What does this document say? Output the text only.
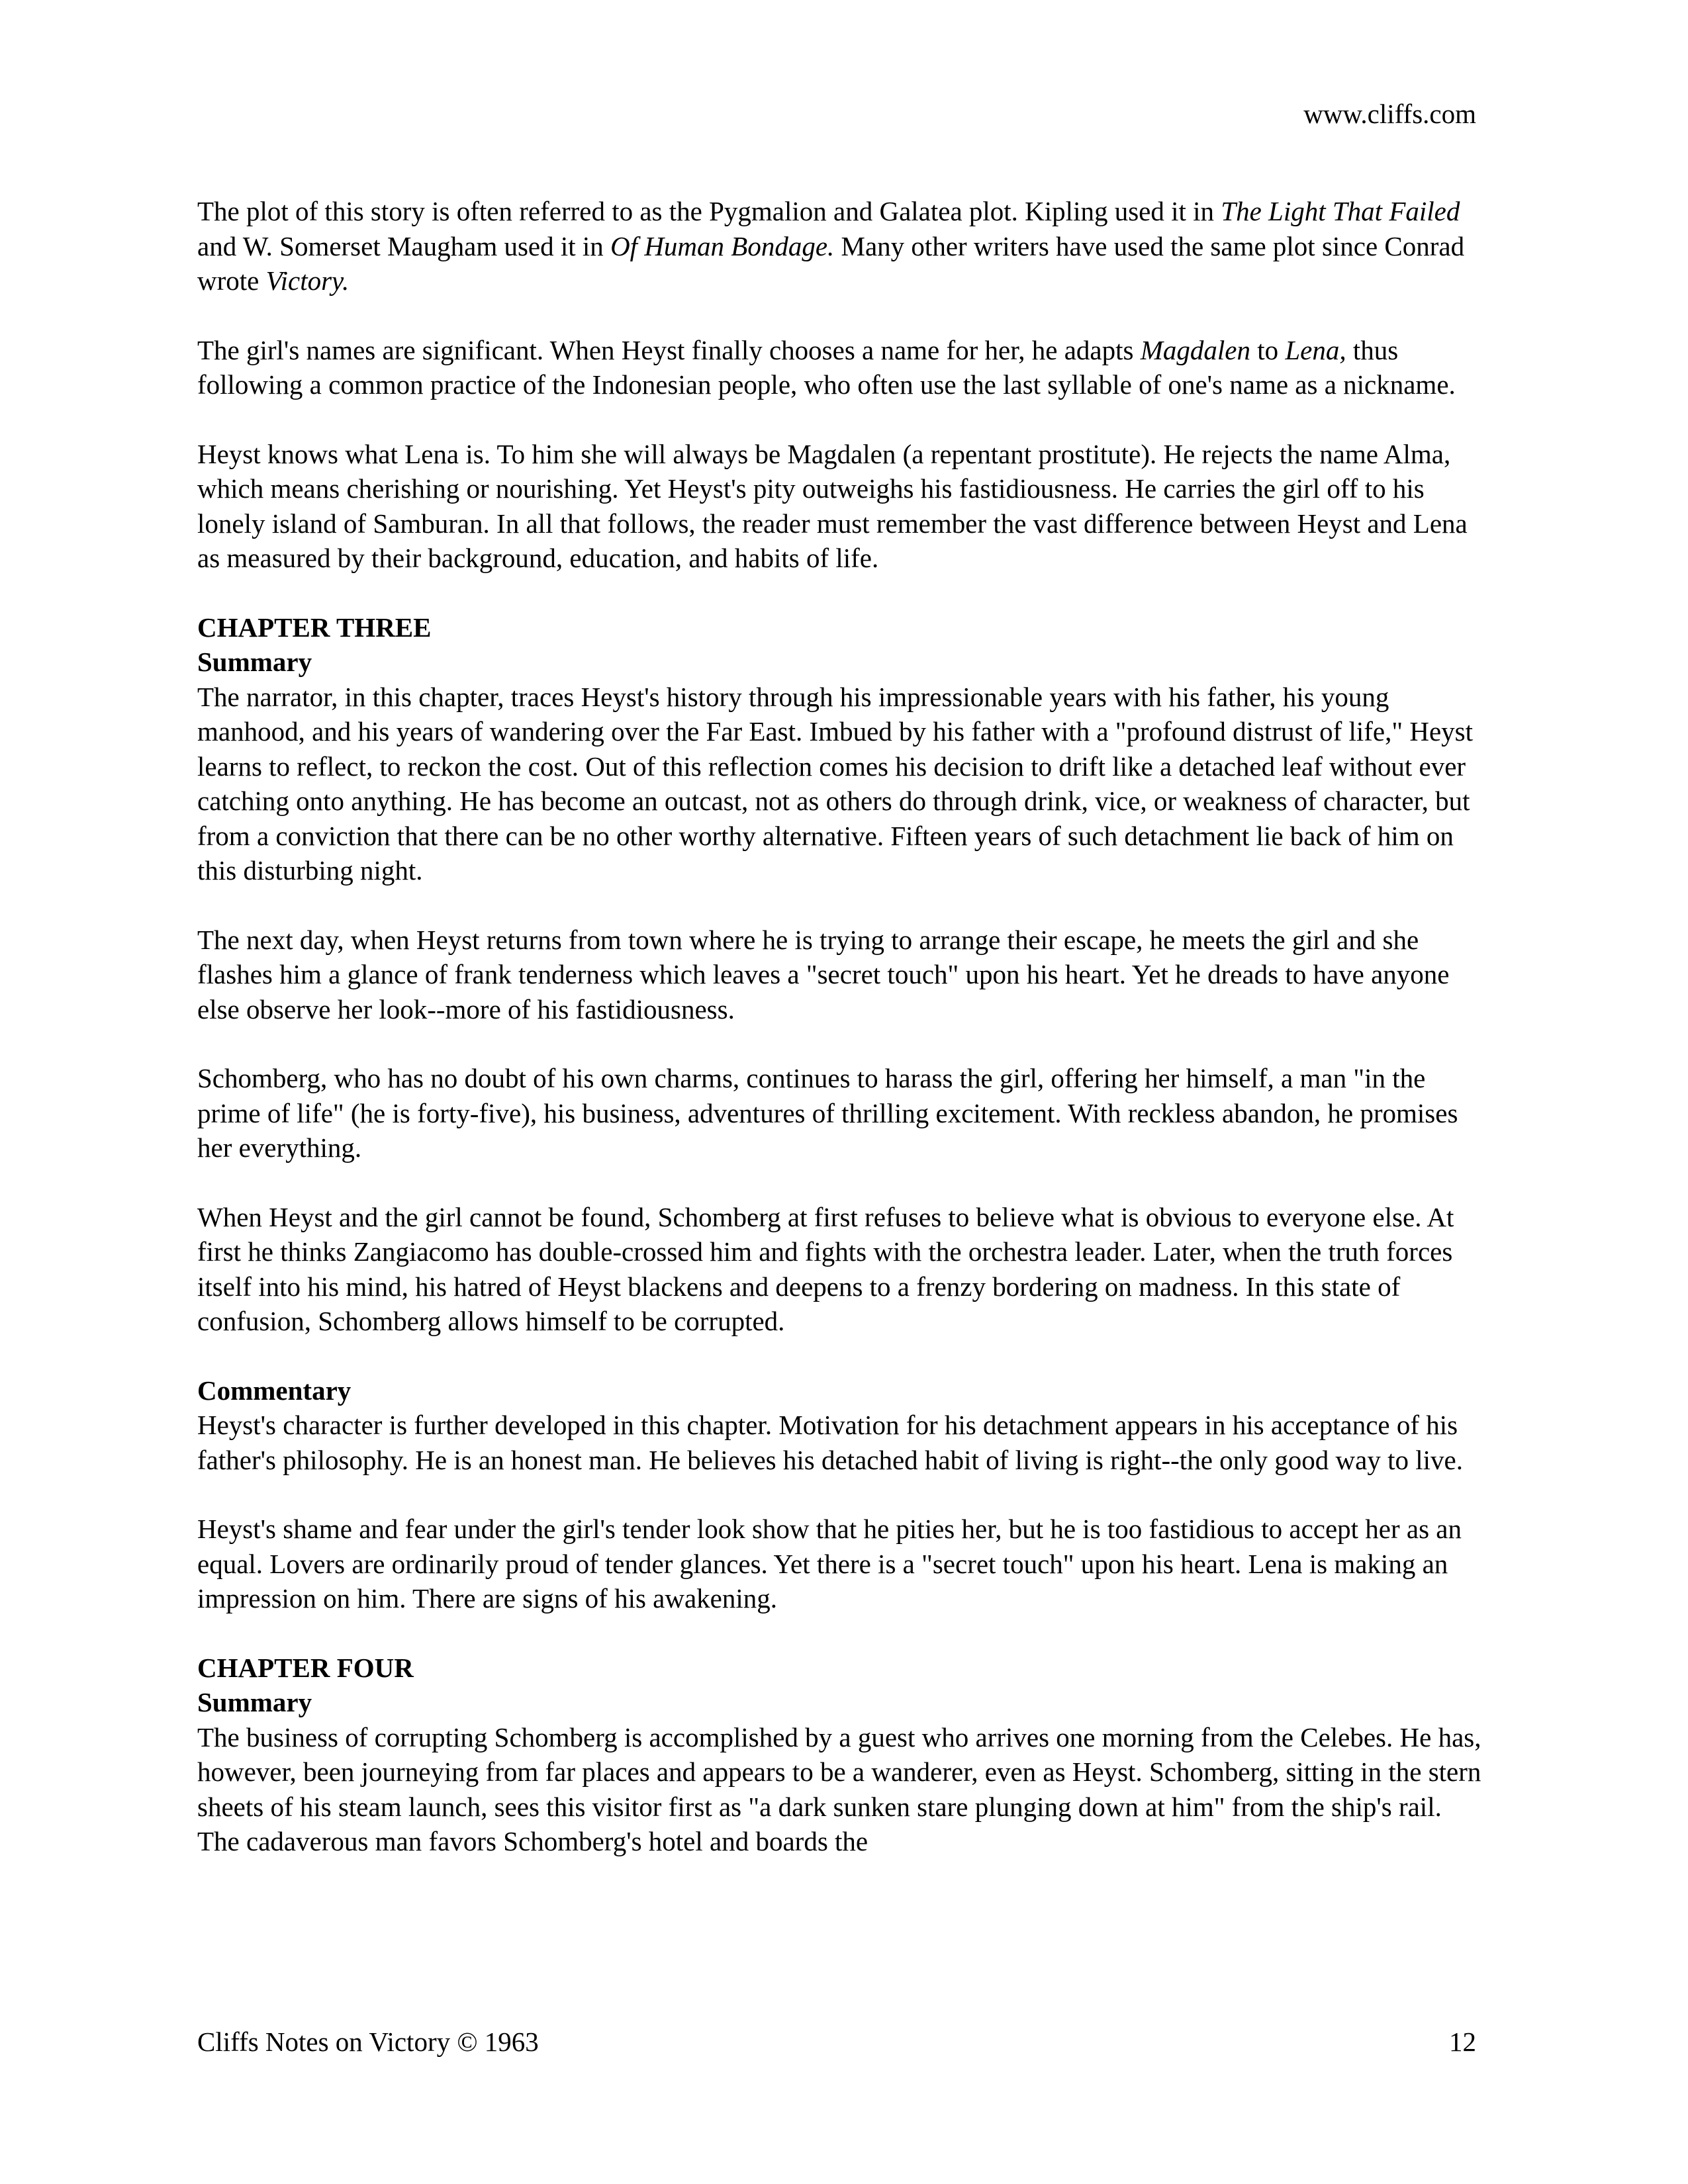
www.cliffs.com

The plot of this story is often referred to as the Pygmalion and Galatea plot. Kipling used it in The Light That Failed and W. Somerset Maugham used it in Of Human Bondage. Many other writers have used the same plot since Conrad wrote Victory.

The girl's names are significant. When Heyst finally chooses a name for her, he adapts Magdalen to Lena, thus following a common practice of the Indonesian people, who often use the last syllable of one's name as a nickname.

Heyst knows what Lena is. To him she will always be Magdalen (a repentant prostitute). He rejects the name Alma, which means cherishing or nourishing. Yet Heyst's pity outweighs his fastidiousness. He carries the girl off to his lonely island of Samburan. In all that follows, the reader must remember the vast difference between Heyst and Lena as measured by their background, education, and habits of life.

CHAPTER THREE
Summary

The narrator, in this chapter, traces Heyst's history through his impressionable years with his father, his young manhood, and his years of wandering over the Far East. Imbued by his father with a "profound distrust of life," Heyst learns to reflect, to reckon the cost. Out of this reflection comes his decision to drift like a detached leaf without ever catching onto anything. He has become an outcast, not as others do through drink, vice, or weakness of character, but from a conviction that there can be no other worthy alternative. Fifteen years of such detachment lie back of him on this disturbing night.

The next day, when Heyst returns from town where he is trying to arrange their escape, he meets the girl and she flashes him a glance of frank tenderness which leaves a "secret touch" upon his heart. Yet he dreads to have anyone else observe her look--more of his fastidiousness.

Schomberg, who has no doubt of his own charms, continues to harass the girl, offering her himself, a man "in the prime of life" (he is forty-five), his business, adventures of thrilling excitement. With reckless abandon, he promises her everything.

When Heyst and the girl cannot be found, Schomberg at first refuses to believe what is obvious to everyone else. At first he thinks Zangiacomo has double-crossed him and fights with the orchestra leader. Later, when the truth forces itself into his mind, his hatred of Heyst blackens and deepens to a frenzy bordering on madness. In this state of confusion, Schomberg allows himself to be corrupted.

Commentary

Heyst's character is further developed in this chapter. Motivation for his detachment appears in his acceptance of his father's philosophy. He is an honest man. He believes his detached habit of living is right--the only good way to live.

Heyst's shame and fear under the girl's tender look show that he pities her, but he is too fastidious to accept her as an equal. Lovers are ordinarily proud of tender glances. Yet there is a "secret touch" upon his heart. Lena is making an impression on him. There are signs of his awakening.

CHAPTER FOUR
Summary

The business of corrupting Schomberg is accomplished by a guest who arrives one morning from the Celebes. He has, however, been journeying from far places and appears to be a wanderer, even as Heyst. Schomberg, sitting in the stern sheets of his steam launch, sees this visitor first as "a dark sunken stare plunging down at him" from the ship's rail. The cadaverous man favors Schomberg's hotel and boards the

Cliffs Notes on Victory © 1963	12
